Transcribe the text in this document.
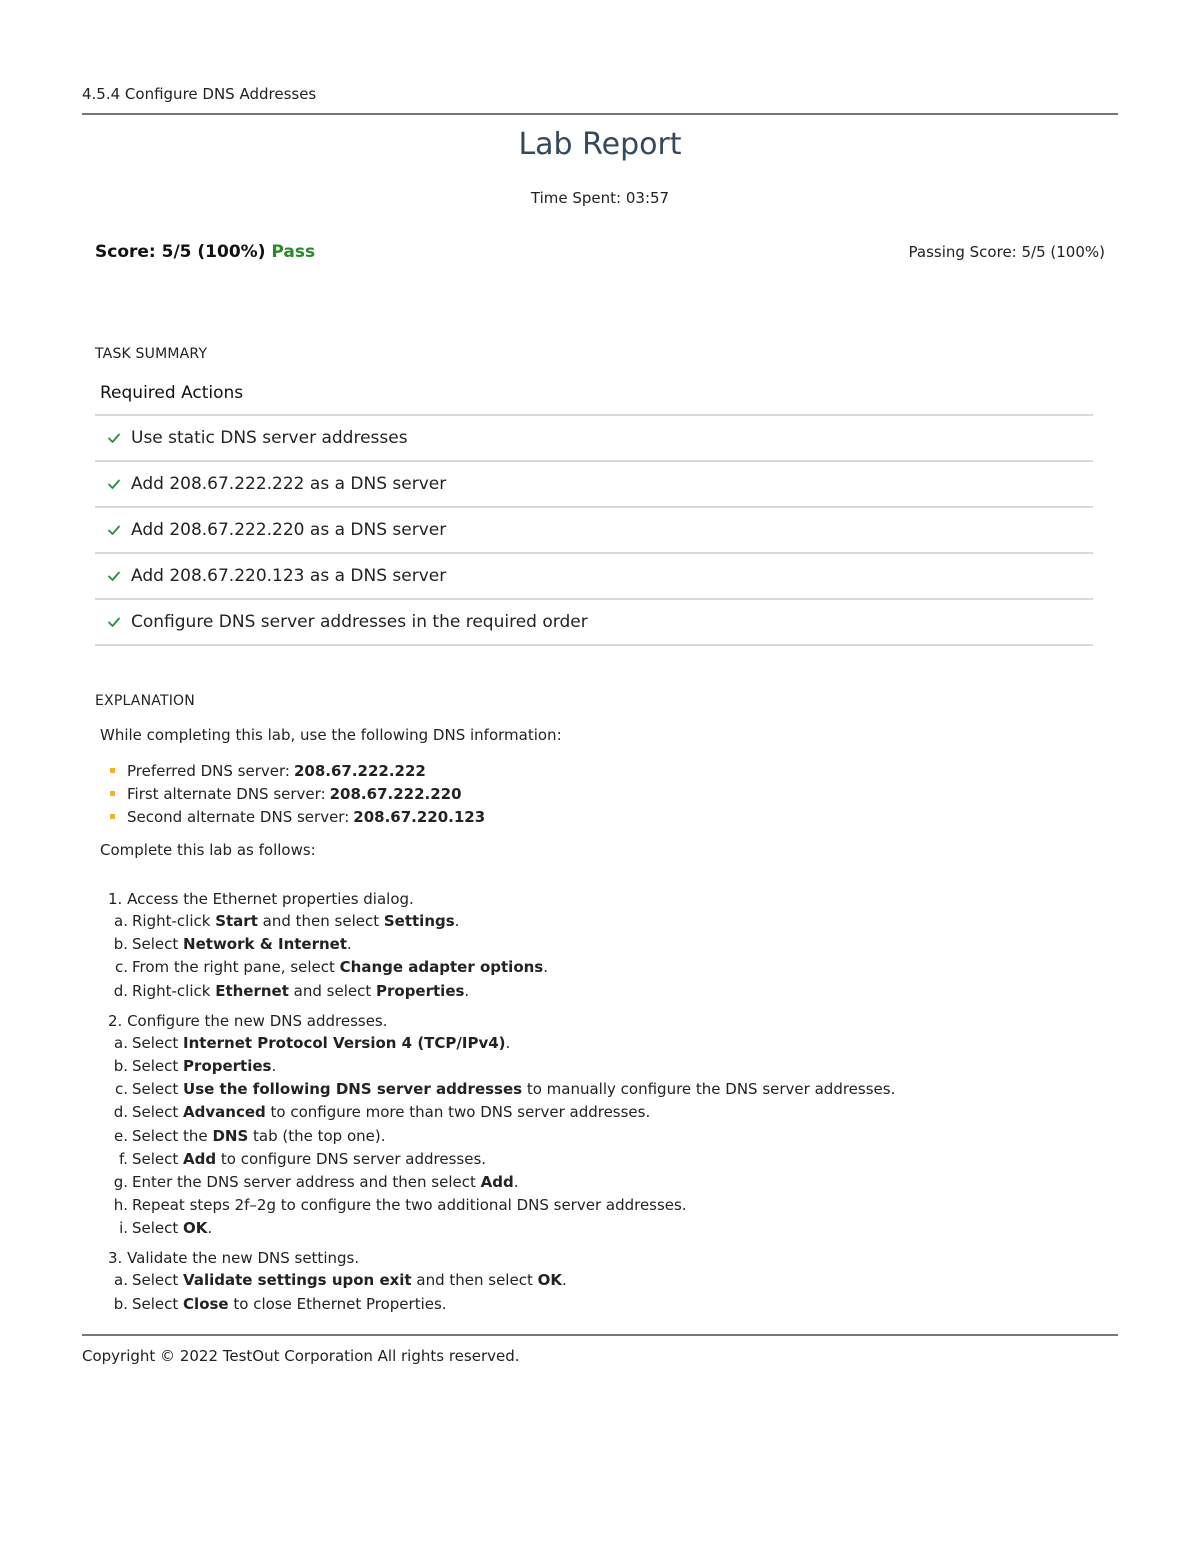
4.5.4 Configure DNS Addresses
Lab Report
Time Spent: 03:57
Score: 5/5 (100%) Pass	Passing Score: 5/5 (100%)
TASK SUMMARY
Required Actions
Use static DNS server addresses
Add 208.67.222.222 as a DNS server
Add 208.67.222.220 as a DNS server
Add 208.67.220.123 as a DNS server
Configure DNS server addresses in the required order
EXPLANATION
While completing this lab, use the following DNS information:
Preferred DNS server: 208.67.222.222
First alternate DNS server: 208.67.222.220
Second alternate DNS server: 208.67.220.123
Complete this lab as follows:
1. Access the Ethernet properties dialog.
a. Right-click Start and then select Settings.
b. Select Network & Internet.
c. From the right pane, select Change adapter options.
d. Right-click Ethernet and select Properties.
2. Configure the new DNS addresses.
a. Select Internet Protocol Version 4 (TCP/IPv4).
b. Select Properties.
c. Select Use the following DNS server addresses to manually configure the DNS server addresses.
d. Select Advanced to configure more than two DNS server addresses.
e. Select the DNS tab (the top one).
f. Select Add to configure DNS server addresses.
g. Enter the DNS server address and then select Add.
h. Repeat steps 2f–2g to configure the two additional DNS server addresses.
i. Select OK.
3. Validate the new DNS settings.
a. Select Validate settings upon exit and then select OK.
b. Select Close to close Ethernet Properties.
Copyright © 2022 TestOut Corporation All rights reserved.
